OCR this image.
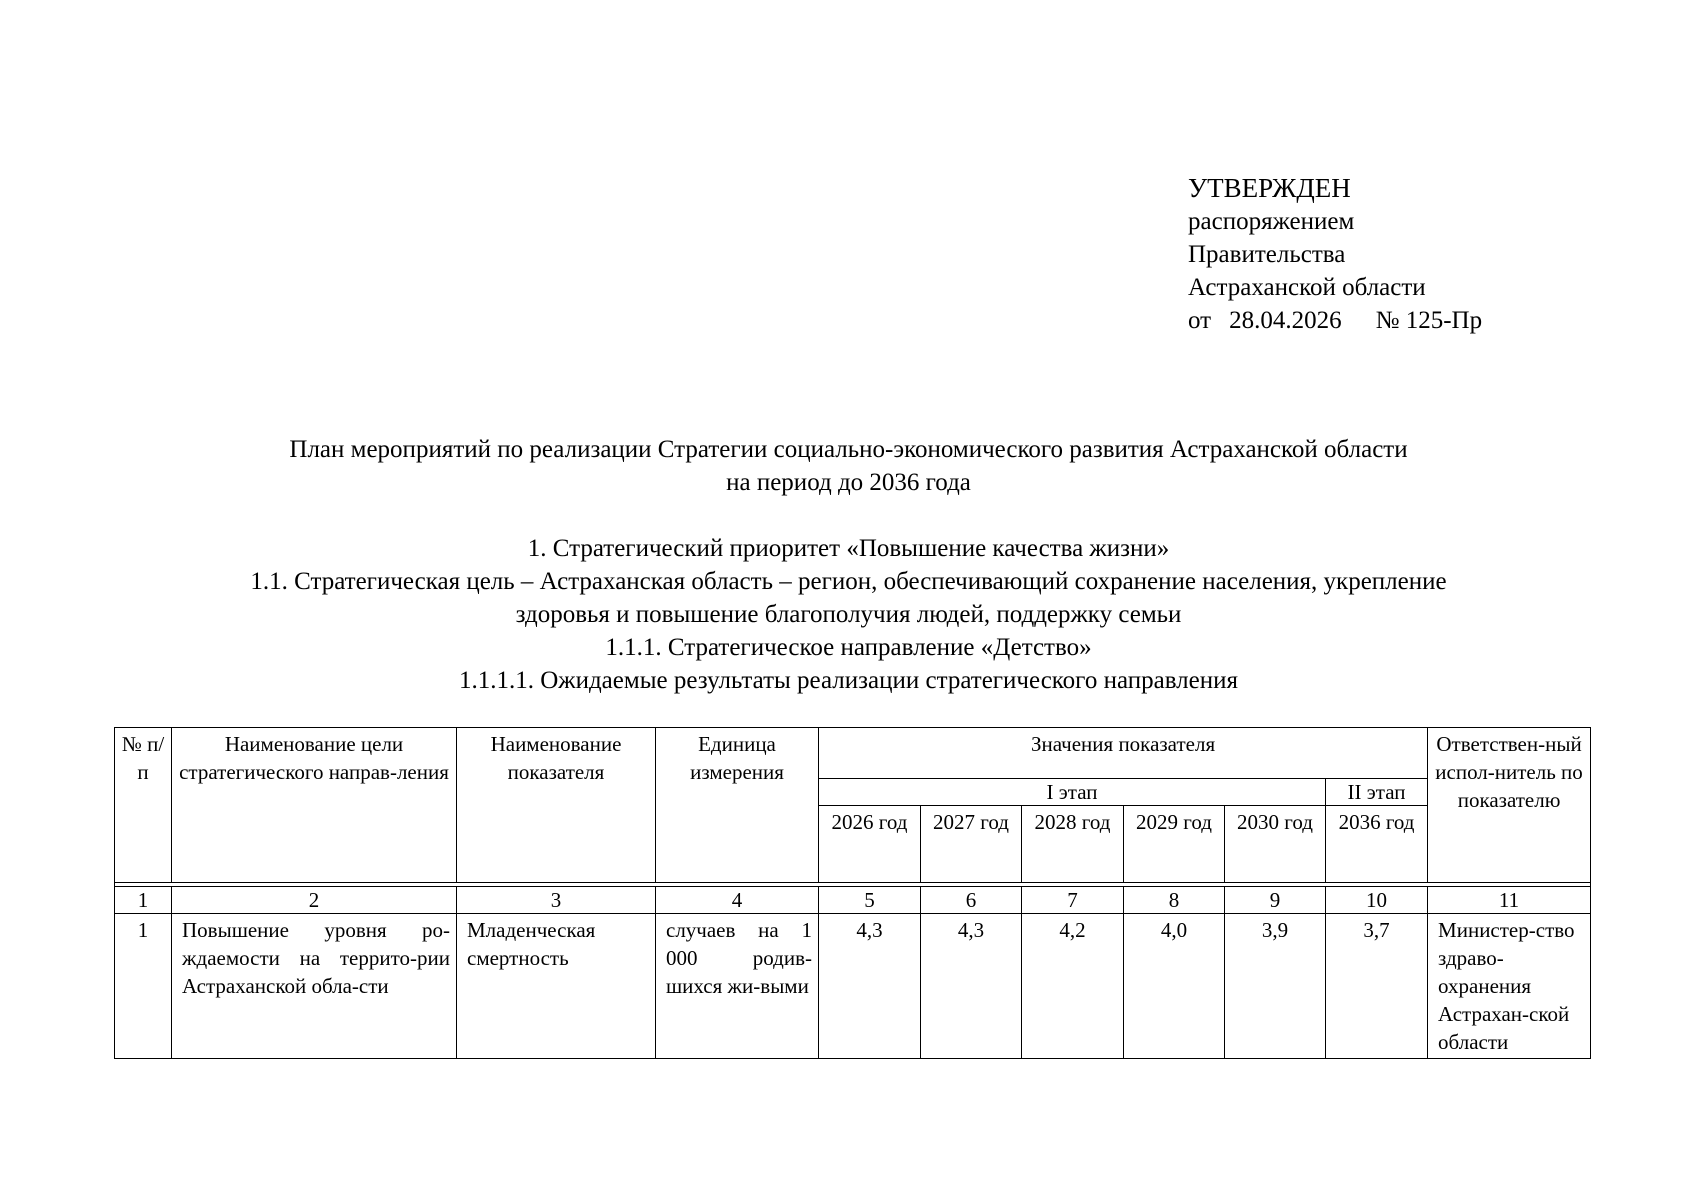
УТВЕРЖДЕН
распоряжением
Правительства
Астраханской области
от 28.04.2026 № 125-Пр
План мероприятий по реализации Стратегии социально-экономического развития Астраханской области
на период до 2036 года
1. Стратегический приоритет «Повышение качества жизни»
1.1. Стратегическая цель – Астраханская область – регион, обеспечивающий сохранение населения, укрепление
здоровья и повышение благополучия людей, поддержку семьи
1.1.1. Стратегическое направление «Детство»
1.1.1.1. Ожидаемые результаты реализации стратегического направления
№ п/п	Наименование цели стратегического направ-ления	Наименование показателя	Единица измерения	Значения показателя						Ответствен-ный испол-нитель по показателю
				I этап					II этап	
				2026 год	2027 год	2028 год	2029 год	2030 год	2036 год	

1	2	3	4	5	6	7	8	9	10	11
1	Повышение уровня ро-ждаемости на террито-рии Астраханской обла-сти	Младенческая смертность	случаев на 1 000 родив-шихся жи-выми	4,3	4,3	4,2	4,0	3,9	3,7	Министер-ство здраво-охранения Астрахан-ской области
